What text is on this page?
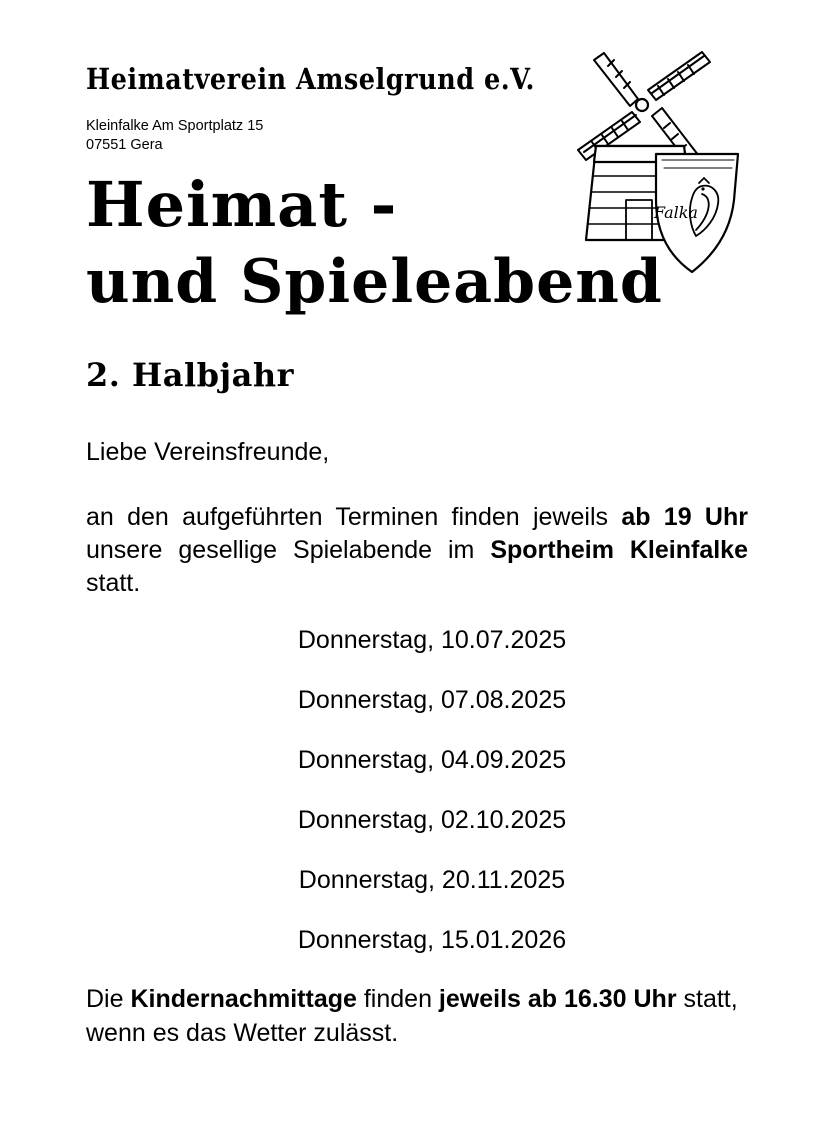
Heimatverein Amselgrund e.V.
Kleinfalke Am Sportplatz 15
07551 Gera
Heimat -
und Spieleabend
2. Halbjahr
Liebe Vereinsfreunde,

an den aufgeführten Terminen finden jeweils ab 19 Uhr unsere gesellige Spielabende im Sportheim Kleinfalke statt.

Donnerstag, 10.07.2025
Donnerstag, 07.08.2025
Donnerstag, 04.09.2025
Donnerstag, 02.10.2025
Donnerstag, 20.11.2025
Donnerstag, 15.01.2026

Die Kindernachmittage finden jeweils ab 16.30 Uhr statt, wenn es das Wetter zulässt.

Falka
